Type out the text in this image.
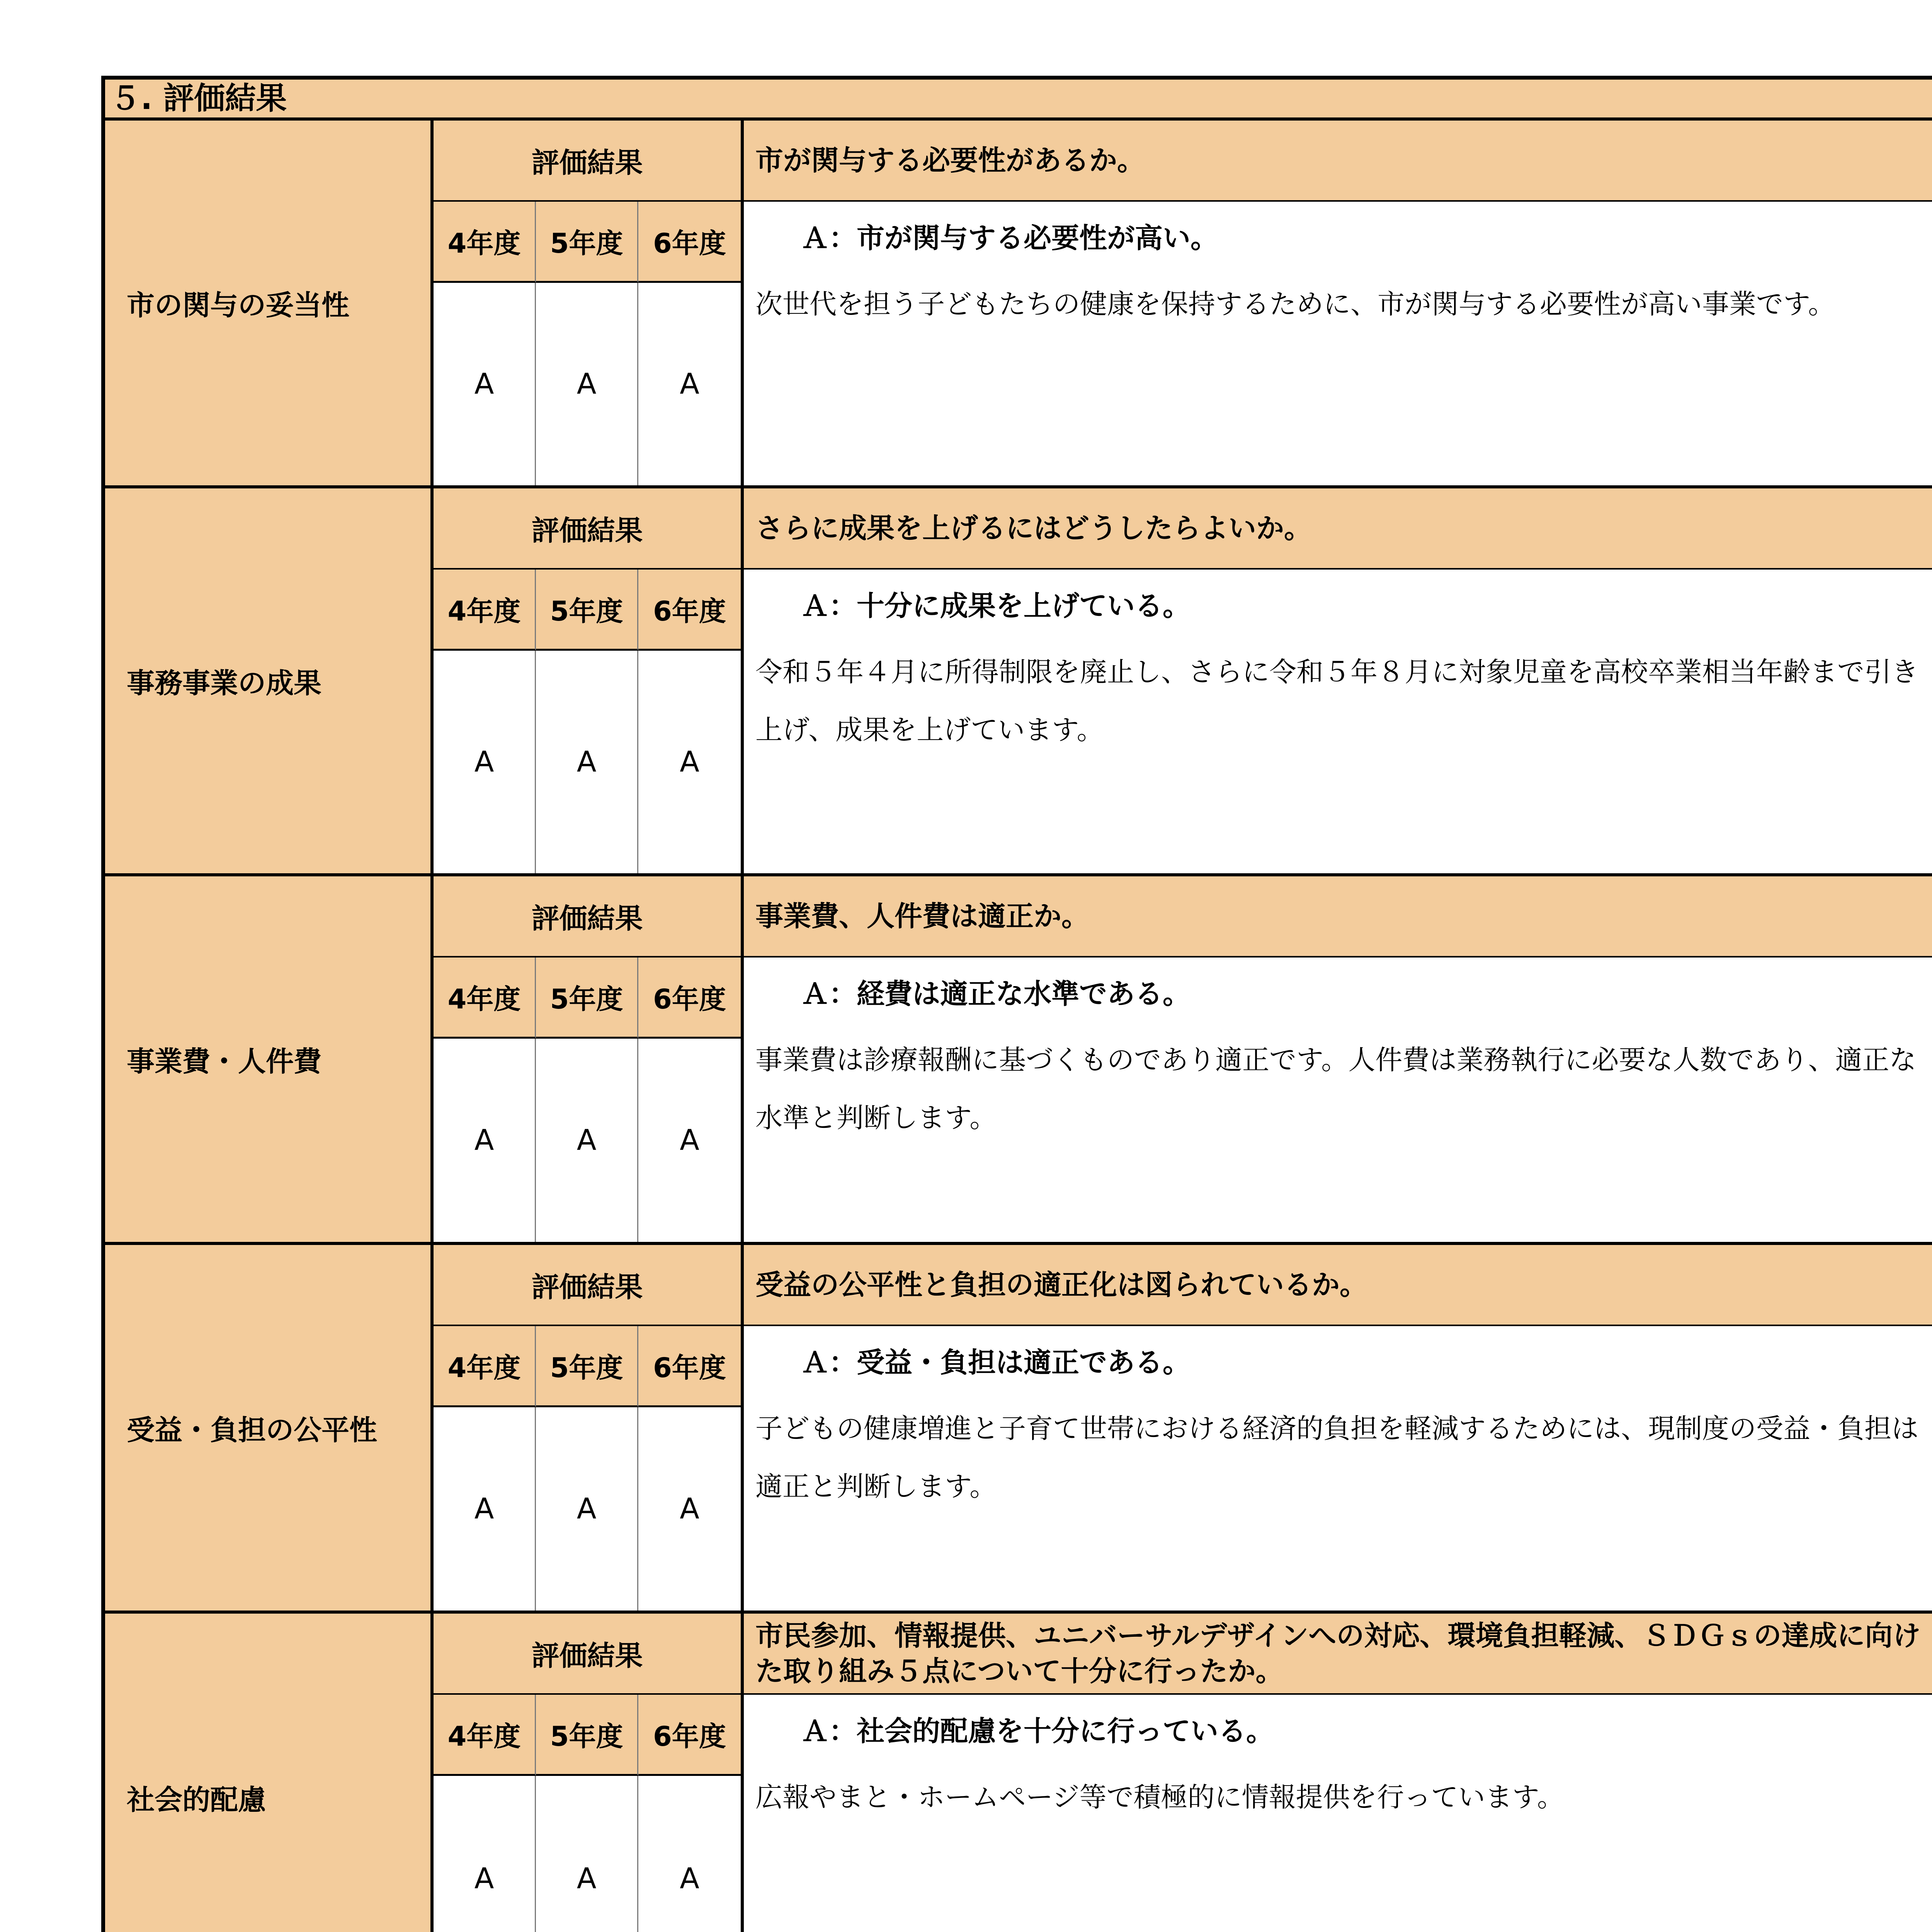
５. 評価結果
市の関与の妥当性
評価結果
4年度	5年度	6年度
A	A	A
市が関与する必要性があるか。
Ａ：市が関与する必要性が高い。
次世代を担う子どもたちの健康を保持するために、市が関与する必要性が高い事業です。
事務事業の成果
評価結果
4年度	5年度	6年度
A	A	A
さらに成果を上げるにはどうしたらよいか。
Ａ：十分に成果を上げている。
令和５年４月に所得制限を廃止し、さらに令和５年８月に対象児童を高校卒業相当年齢まで引き上げ、成果を上げています。
事業費・人件費
評価結果
4年度	5年度	6年度
A	A	A
事業費、人件費は適正か。
Ａ：経費は適正な水準である。
事業費は診療報酬に基づくものであり適正です。人件費は業務執行に必要な人数であり、適正な水準と判断します。
受益・負担の公平性
評価結果
4年度	5年度	6年度
A	A	A
受益の公平性と負担の適正化は図られているか。
Ａ：受益・負担は適正である。
子どもの健康増進と子育て世帯における経済的負担を軽減するためには、現制度の受益・負担は適正と判断します。
社会的配慮
評価結果
4年度	5年度	6年度
A	A	A
市民参加、情報提供、ユニバーサルデザインへの対応、環境負担軽減、ＳＤＧｓの達成に向けた取り組み５点について十分に行ったか。
Ａ：社会的配慮を十分に行っている。
広報やまと・ホームページ等で積極的に情報提供を行っています。
